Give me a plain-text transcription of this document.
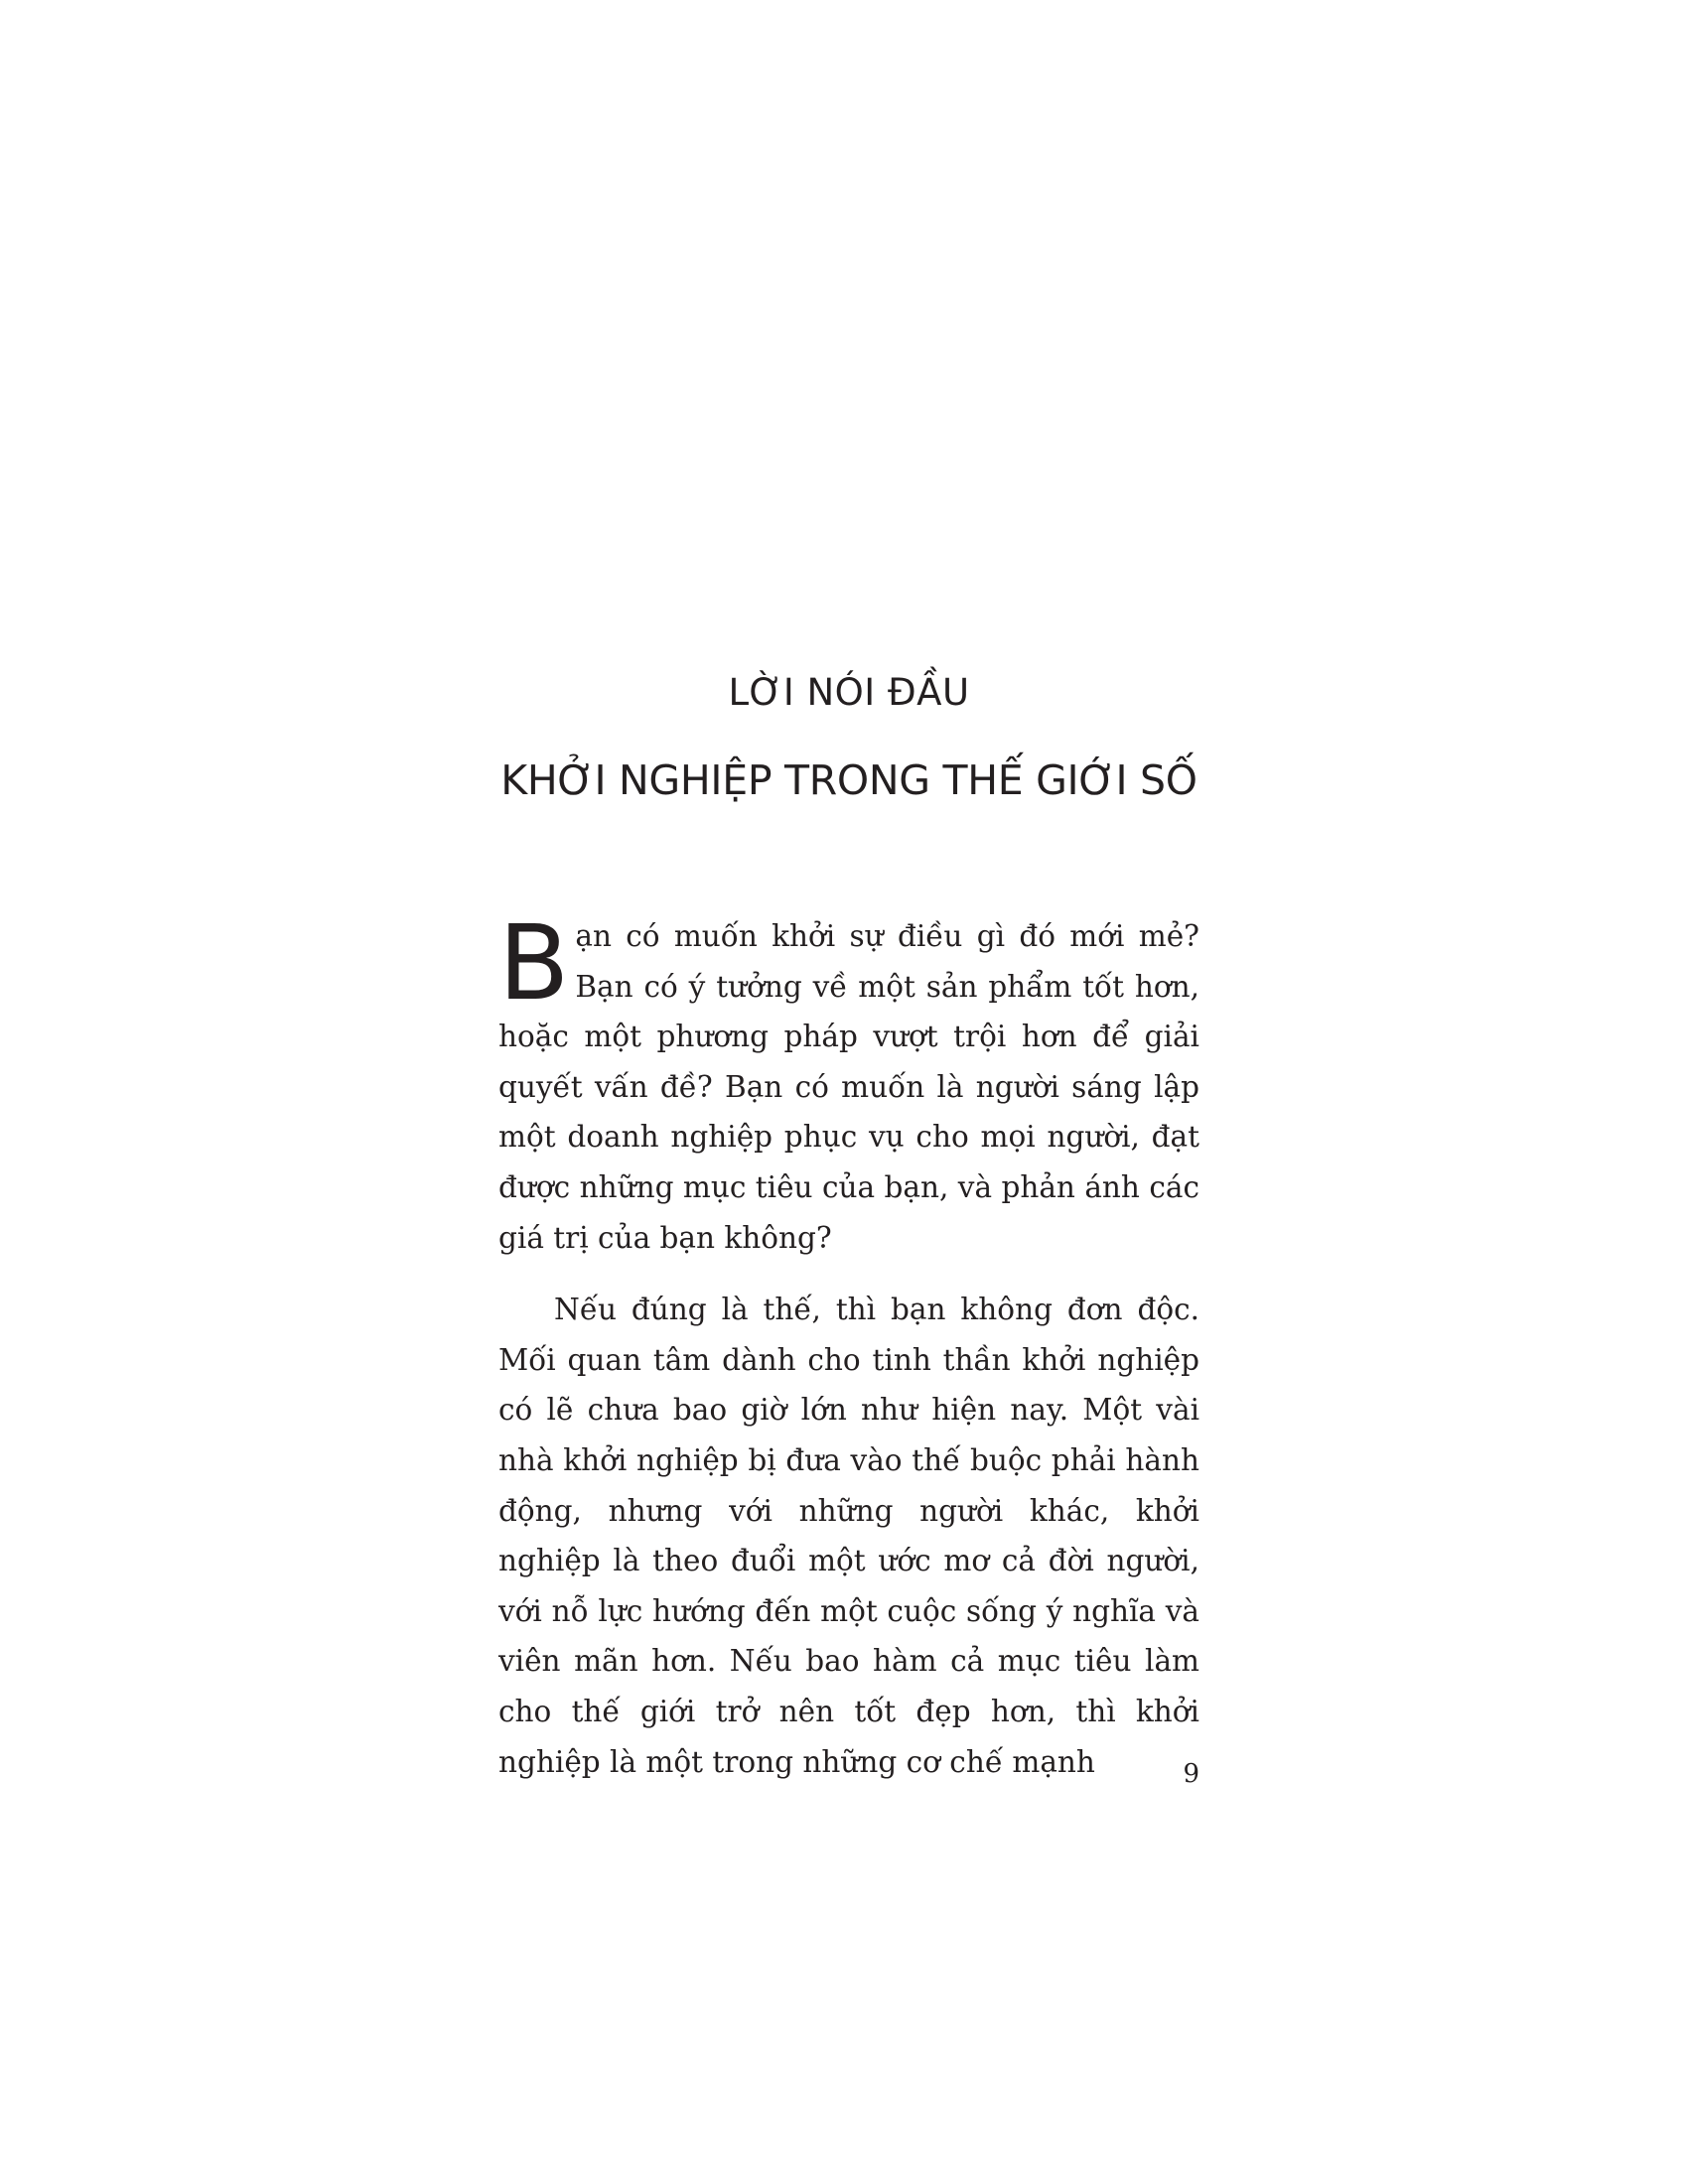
LỜI NÓI ĐẦU
KHỞI NGHIỆP TRONG THẾ GIỚI SỐ

Bạn có muốn khởi sự điều gì đó mới mẻ? Bạn có ý tưởng về một sản phẩm tốt hơn, hoặc một phương pháp vượt trội hơn để giải quyết vấn đề? Bạn có muốn là người sáng lập một doanh nghiệp phục vụ cho mọi người, đạt được những mục tiêu của bạn, và phản ánh các giá trị của bạn không?

Nếu đúng là thế, thì bạn không đơn độc. Mối quan tâm dành cho tinh thần khởi nghiệp có lẽ chưa bao giờ lớn như hiện nay. Một vài nhà khởi nghiệp bị đưa vào thế buộc phải hành động, nhưng với những người khác, khởi nghiệp là theo đuổi một ước mơ cả đời người, với nỗ lực hướng đến một cuộc sống ý nghĩa và viên mãn hơn. Nếu bao hàm cả mục tiêu làm cho thế giới trở nên tốt đẹp hơn, thì khởi nghiệp là một trong những cơ chế mạnh	9
